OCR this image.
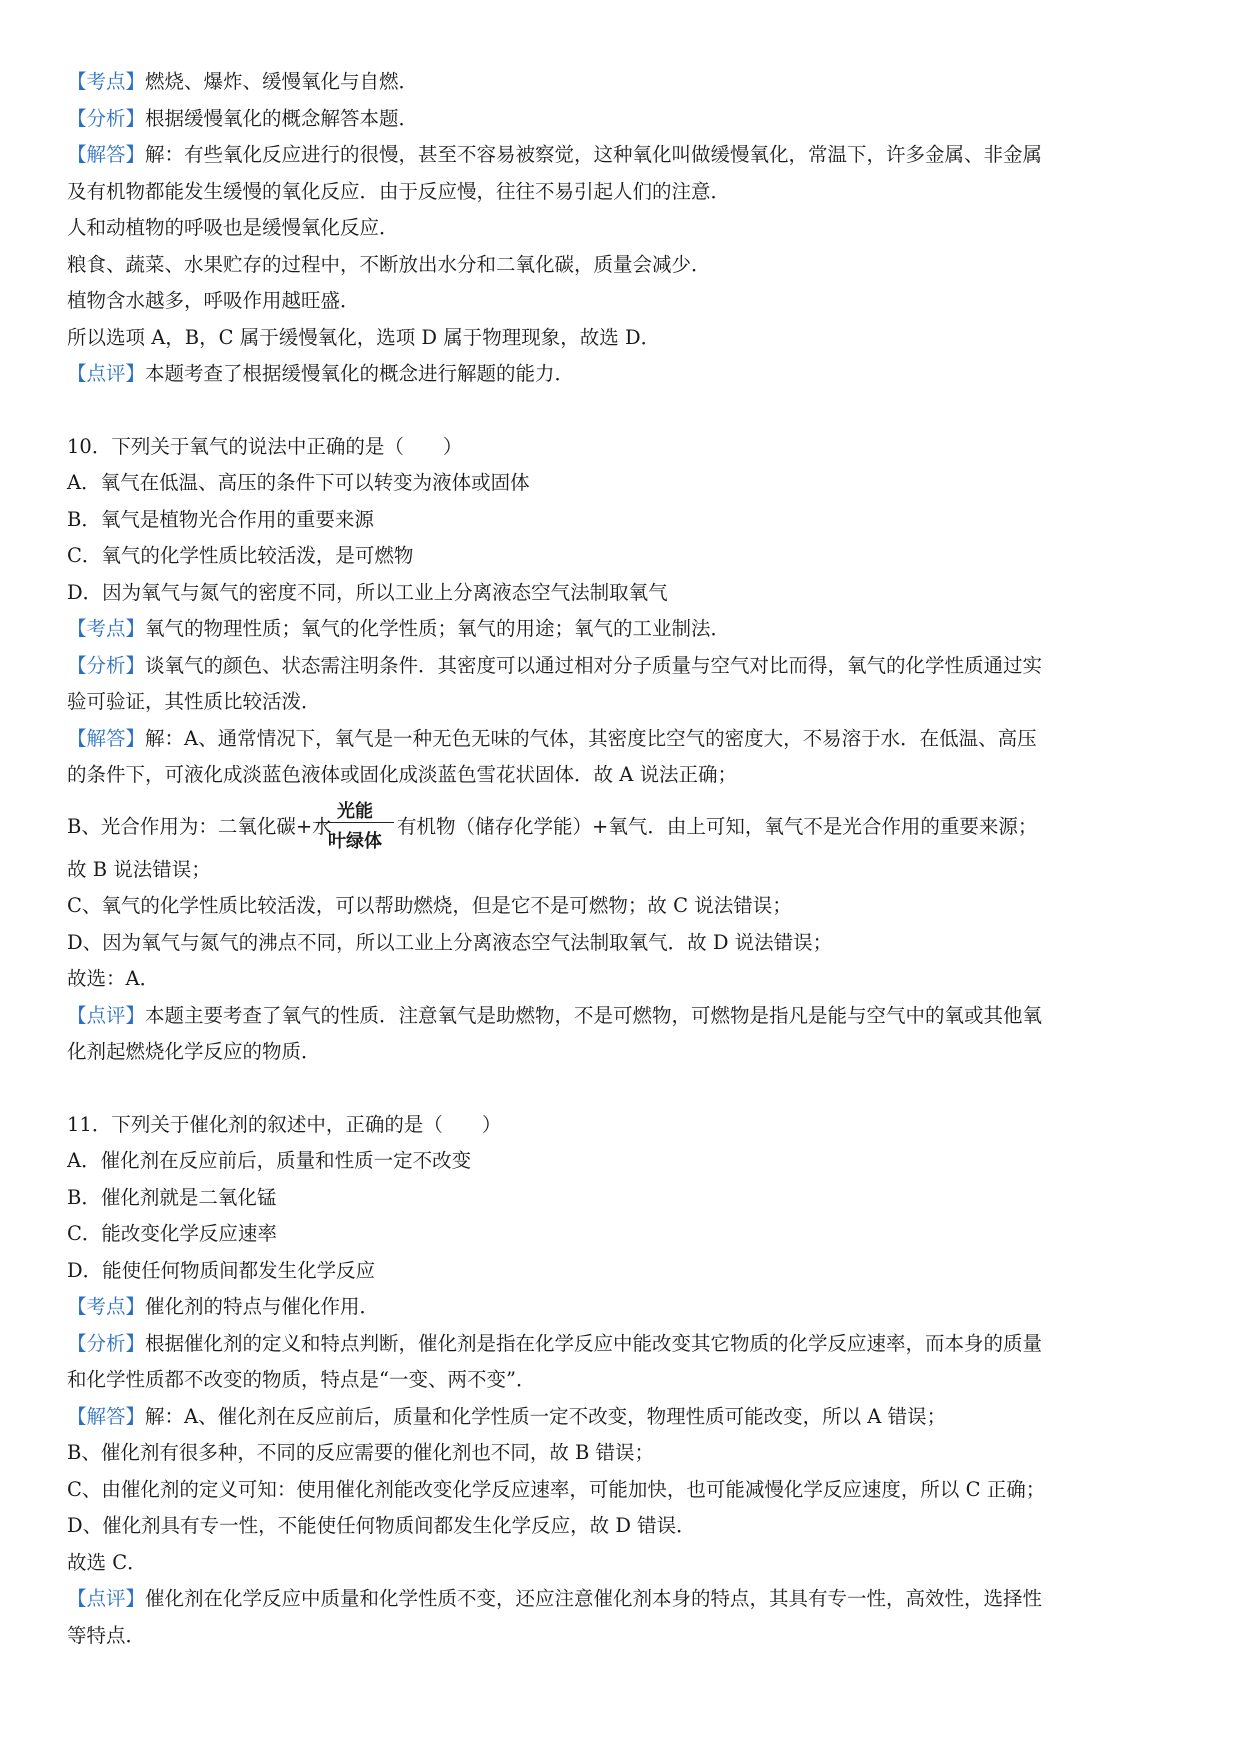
【考点】燃烧、爆炸、缓慢氧化与自燃．
【分析】根据缓慢氧化的概念解答本题．
【解答】解：有些氧化反应进行的很慢，甚至不容易被察觉，这种氧化叫做缓慢氧化，常温下，许多金属、非金属
及有机物都能发生缓慢的氧化反应．由于反应慢，往往不易引起人们的注意．
人和动植物的呼吸也是缓慢氧化反应．
粮食、蔬菜、水果贮存的过程中，不断放出水分和二氧化碳，质量会减少．
植物含水越多，呼吸作用越旺盛．
所以选项 A，B，C 属于缓慢氧化，选项 D 属于物理现象，故选 D．
【点评】本题考查了根据缓慢氧化的概念进行解题的能力．
10．下列关于氧气的说法中正确的是（　　）
A．氧气在低温、高压的条件下可以转变为液体或固体
B．氧气是植物光合作用的重要来源
C．氧气的化学性质比较活泼，是可燃物
D．因为氧气与氮气的密度不同，所以工业上分离液态空气法制取氧气
【考点】氧气的物理性质；氧气的化学性质；氧气的用途；氧气的工业制法．
【分析】谈氧气的颜色、状态需注明条件．其密度可以通过相对分子质量与空气对比而得，氧气的化学性质通过实
验可验证，其性质比较活泼．
【解答】解：A、通常情况下，氧气是一种无色无味的气体，其密度比空气的密度大，不易溶于水．在低温、高压
的条件下，可液化成淡蓝色液体或固化成淡蓝色雪花状固体．故 A 说法正确；
B、光合作用为：二氧化碳+水
光能
叶绿体
有机物（储存化学能）+氧气．由上可知，氧气不是光合作用的重要来源；
故 B 说法错误；
C、氧气的化学性质比较活泼，可以帮助燃烧，但是它不是可燃物；故 C 说法错误；
D、因为氧气与氮气的沸点不同，所以工业上分离液态空气法制取氧气．故 D 说法错误；
故选：A．
【点评】本题主要考查了氧气的性质．注意氧气是助燃物，不是可燃物，可燃物是指凡是能与空气中的氧或其他氧
化剂起燃烧化学反应的物质．
11．下列关于催化剂的叙述中，正确的是（　　）
A．催化剂在反应前后，质量和性质一定不改变
B．催化剂就是二氧化锰
C．能改变化学反应速率
D．能使任何物质间都发生化学反应
【考点】催化剂的特点与催化作用．
【分析】根据催化剂的定义和特点判断，催化剂是指在化学反应中能改变其它物质的化学反应速率，而本身的质量
和化学性质都不改变的物质，特点是“一变、两不变”．
【解答】解：A、催化剂在反应前后，质量和化学性质一定不改变，物理性质可能改变，所以 A 错误；
B、催化剂有很多种，不同的反应需要的催化剂也不同，故 B 错误；
C、由催化剂的定义可知：使用催化剂能改变化学反应速率，可能加快，也可能减慢化学反应速度，所以 C 正确；
D、催化剂具有专一性，不能使任何物质间都发生化学反应，故 D 错误．
故选 C．
【点评】催化剂在化学反应中质量和化学性质不变，还应注意催化剂本身的特点，其具有专一性，高效性，选择性
等特点．
